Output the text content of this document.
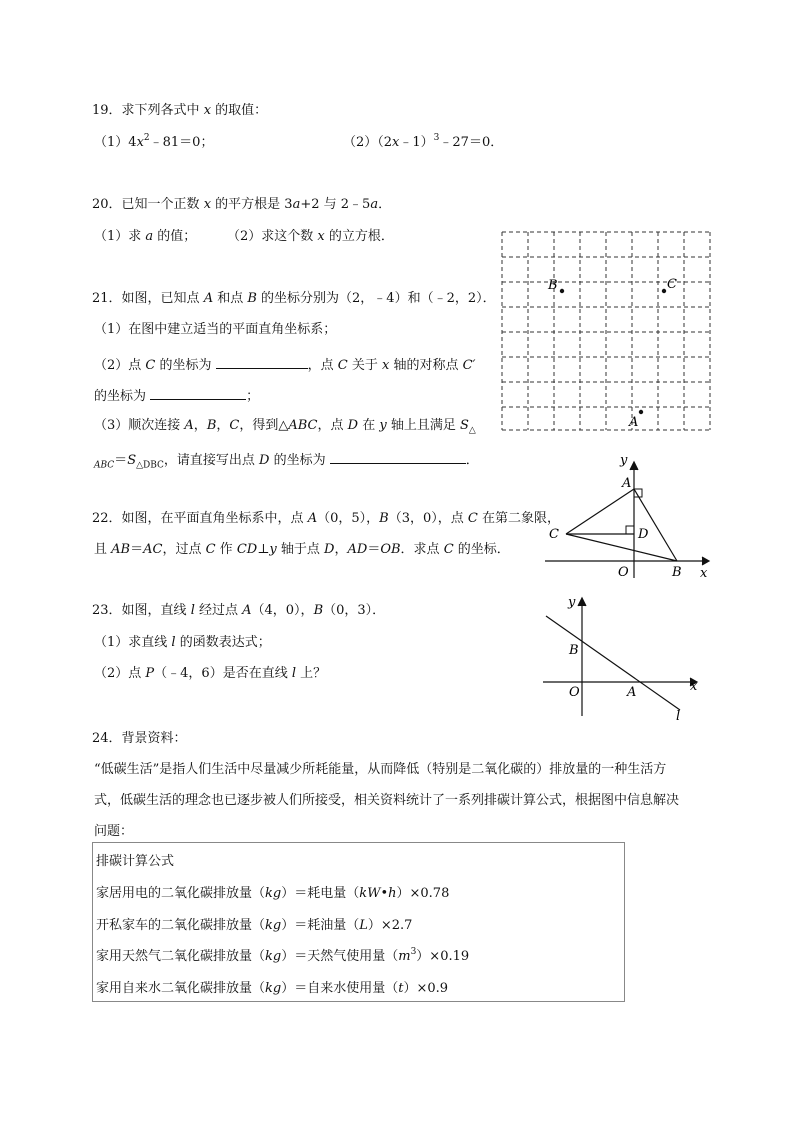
19．求下列各式中 x 的取值：
$(1)4x^2﹣81=0$；	（2）（2x﹣1）$^3$﹣27＝0．
20．已知一个正数 x 的平方根是 3a+2 与 2﹣5a．
（1）求 a 的值； （2）求这个数 x 的立方根．
21．如图，已知点 A 和点 B 的坐标分别为（2，﹣4）和（﹣2，2）．
（1）在图中建立适当的平面直角坐标系；
（2）点 C 的坐标为	，点 C 关于 x 轴的对称点 C′
的坐标为	；
（3）顺次连接 A，B，C，得到△ABC，点 D 在 y 轴上且满足 $S_\triangle$
$_{ABC}=S_{\triangle DBC}$，请直接写出点 D 的坐标为	．
B	C
A
22．如图，在平面直角坐标系中，点 A（0，5），B（3，0），点 C 在第二象限，
且 AB＝AC，过点 C 作 CD⊥y 轴于点 D，AD＝OB．求点 C 的坐标．
y
x
A
C	D
O	B
23．如图，直线 l 经过点 A（4，0），B（0，3）．
（1）求直线 l 的函数表达式；
（2）点 P（﹣4，6）是否在直线 l 上？
y
x
B
O	A
l
24．背景资料：
“低碳生活”是指人们生活中尽量减少所耗能量，从而降低（特别是二氧化碳的）排放量的一种生活方
式，低碳生活的理念也已逐步被人们所接受，相关资料统计了一系列排碳计算公式，根据图中信息解决
问题：
排碳计算公式
家居用电的二氧化碳排放量（kg）＝耗电量（kW•h）×0.78
开私家车的二氧化碳排放量（kg）＝耗油量（L）×2.7
家用天然气二氧化碳排放量（kg）＝天然气使用量$(m^3)\times 0.19$
家用自来水二氧化碳排放量（kg）＝自来水使用量（t）×0.9
